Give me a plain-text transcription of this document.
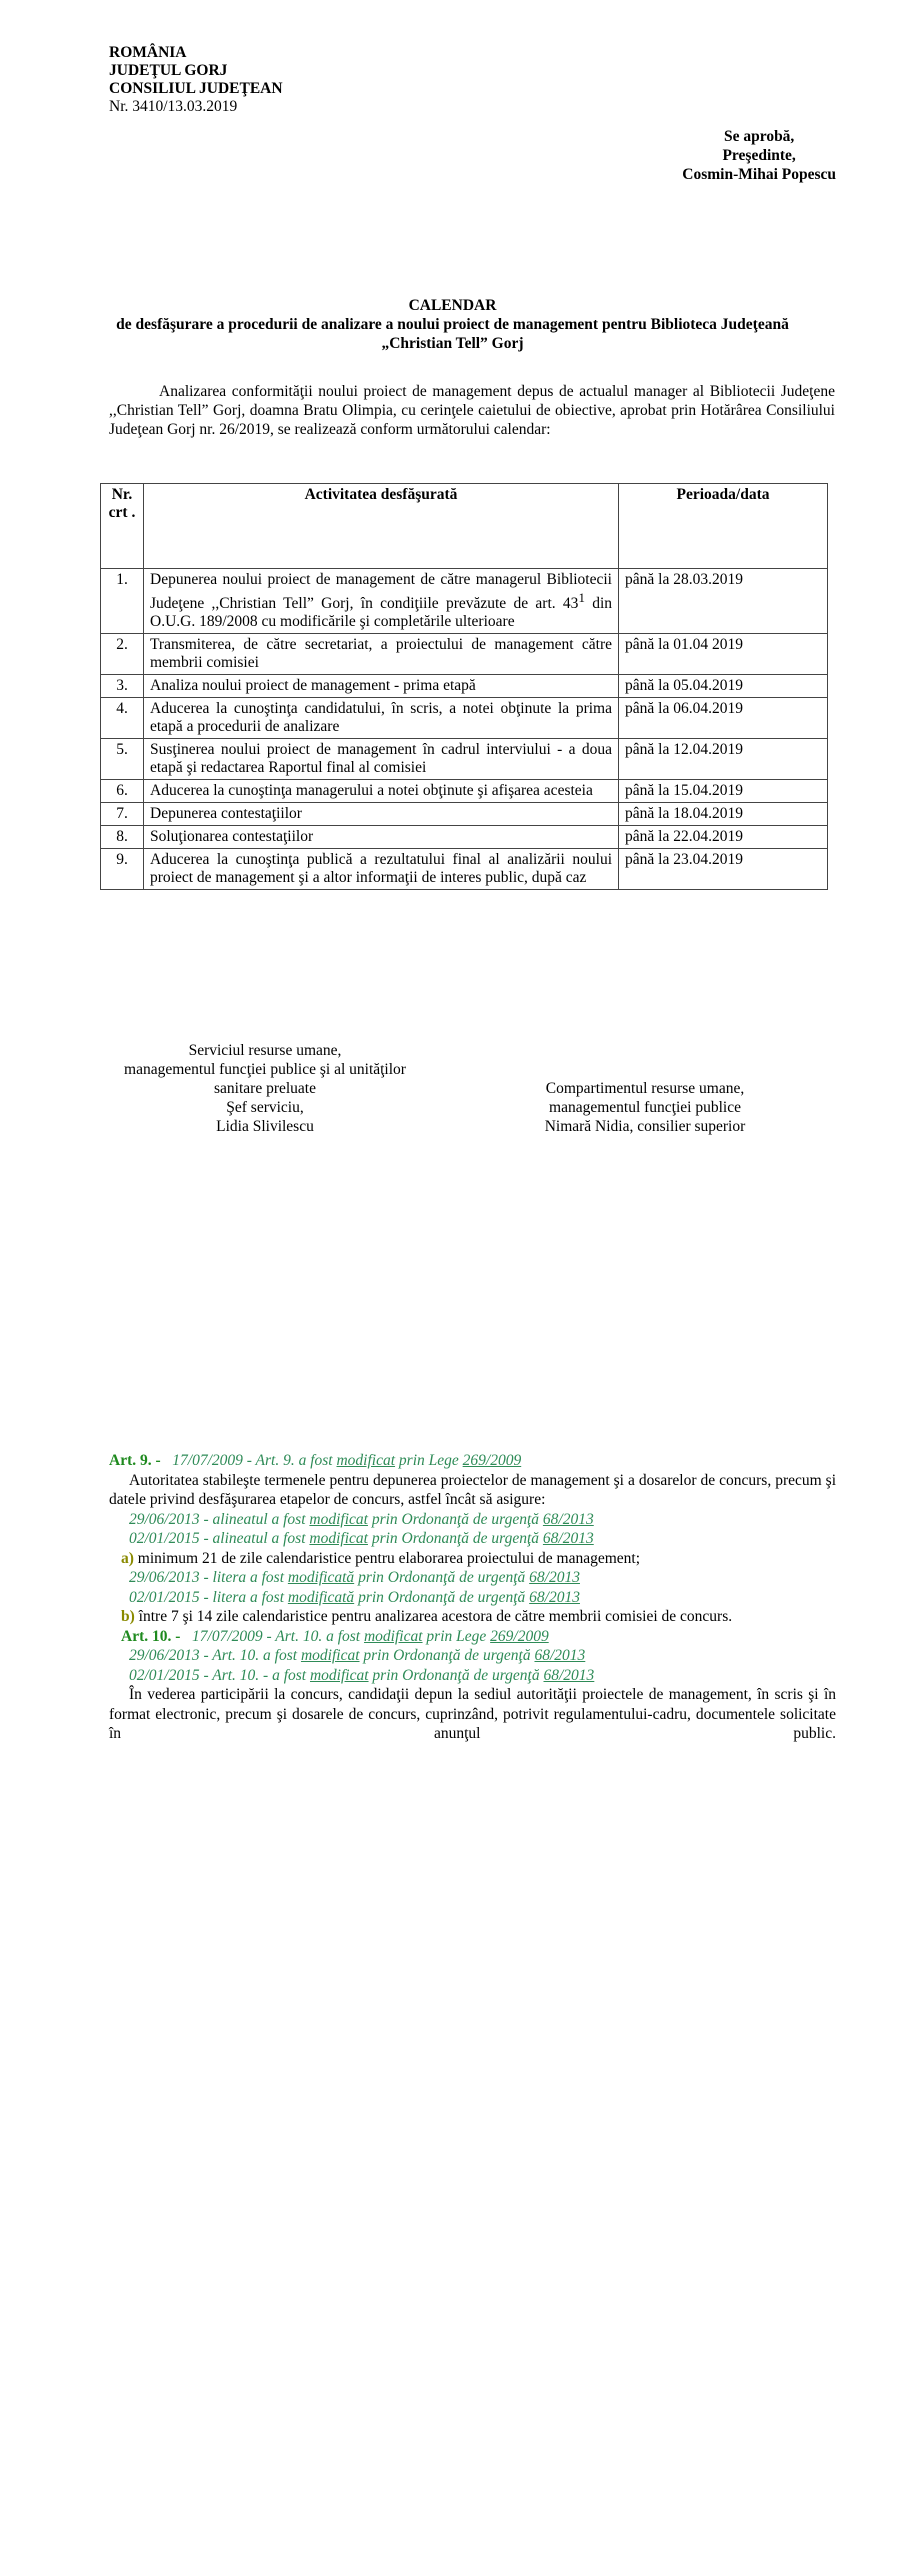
ROMÂNIA
JUDEŢUL GORJ
CONSILIUL JUDEŢEAN
Nr. 3410/13.03.2019
Se aprobă,
Preşedinte,
Cosmin-Mihai Popescu
CALENDAR
de desfăşurare a procedurii de analizare a noului proiect de management pentru Biblioteca Judeţeană „Christian Tell” Gorj
Analizarea conformităţii noului proiect de management depus de actualul manager al Bibliotecii Judeţene ,,Christian Tell” Gorj, doamna Bratu Olimpia, cu cerinţele caietului de obiective, aprobat prin Hotărârea Consiliului Judeţean Gorj nr. 26/2019, se realizează conform următorului calendar:
Nr. crt .	Activitatea desfăşurată	Perioada/data
1.	Depunerea noului proiect de management de către managerul Bibliotecii Judeţene ,,Christian Tell” Gorj, în condiţiile prevăzute de art. $43^1$ din O.U.G. 189/2008 cu modificările şi completările ulterioare	până la 28.03.2019
2.	Transmiterea, de către secretariat, a proiectului de management către membrii comisiei	până la 01.04 2019
3.	Analiza noului proiect de management - prima etapă	până la 05.04.2019
4.	Aducerea la cunoştinţa candidatului, în scris, a notei obţinute la prima etapă a procedurii de analizare	până la 06.04.2019
5.	Susţinerea noului proiect de management în cadrul interviului - a doua etapă şi redactarea Raportul final al comisiei	până la 12.04.2019
6.	Aducerea la cunoştinţa managerului a notei obţinute şi afişarea acesteia	până la 15.04.2019
7.	Depunerea contestaţiilor	până la 18.04.2019
8.	Soluţionarea contestaţiilor	până la 22.04.2019
9.	Aducerea la cunoştinţa publică a rezultatului final al analizării noului proiect de management şi a altor informaţii de interes public, după caz	până la 23.04.2019
Serviciul resurse umane,
managementul funcţiei publice şi al unităţilor
sanitare preluate
Şef serviciu,
Lidia Slivilescu
Compartimentul resurse umane,
managementul funcţiei publice
Nimară Nidia, consilier superior

Art. 9. - 17/07/2009 - Art. 9. a fost modificat prin Lege 269/2009

Autoritatea stabileşte termenele pentru depunerea proiectelor de management şi a dosarelor de concurs, precum şi datele privind desfăşurarea etapelor de concurs, astfel încât să asigure:

29/06/2013 - alineatul a fost modificat prin Ordonanţă de urgenţă 68/2013

02/01/2015 - alineatul a fost modificat prin Ordonanţă de urgenţă 68/2013

a) minimum 21 de zile calendaristice pentru elaborarea proiectului de management;

29/06/2013 - litera a fost modificată prin Ordonanţă de urgenţă 68/2013

02/01/2015 - litera a fost modificată prin Ordonanţă de urgenţă 68/2013

b) între 7 şi 14 zile calendaristice pentru analizarea acestora de către membrii comisiei de concurs.

Art. 10. - 17/07/2009 - Art. 10. a fost modificat prin Lege 269/2009

29/06/2013 - Art. 10. a fost modificat prin Ordonanţă de urgenţă 68/2013

02/01/2015 - Art. 10. - a fost modificat prin Ordonanţă de urgenţă 68/2013

În vederea participării la concurs, candidaţii depun la sediul autorităţii proiectele de management, în scris şi în format electronic, precum şi dosarele de concurs, cuprinzând, potrivit regulamentului-cadru, documentele solicitate în anunţul public.
